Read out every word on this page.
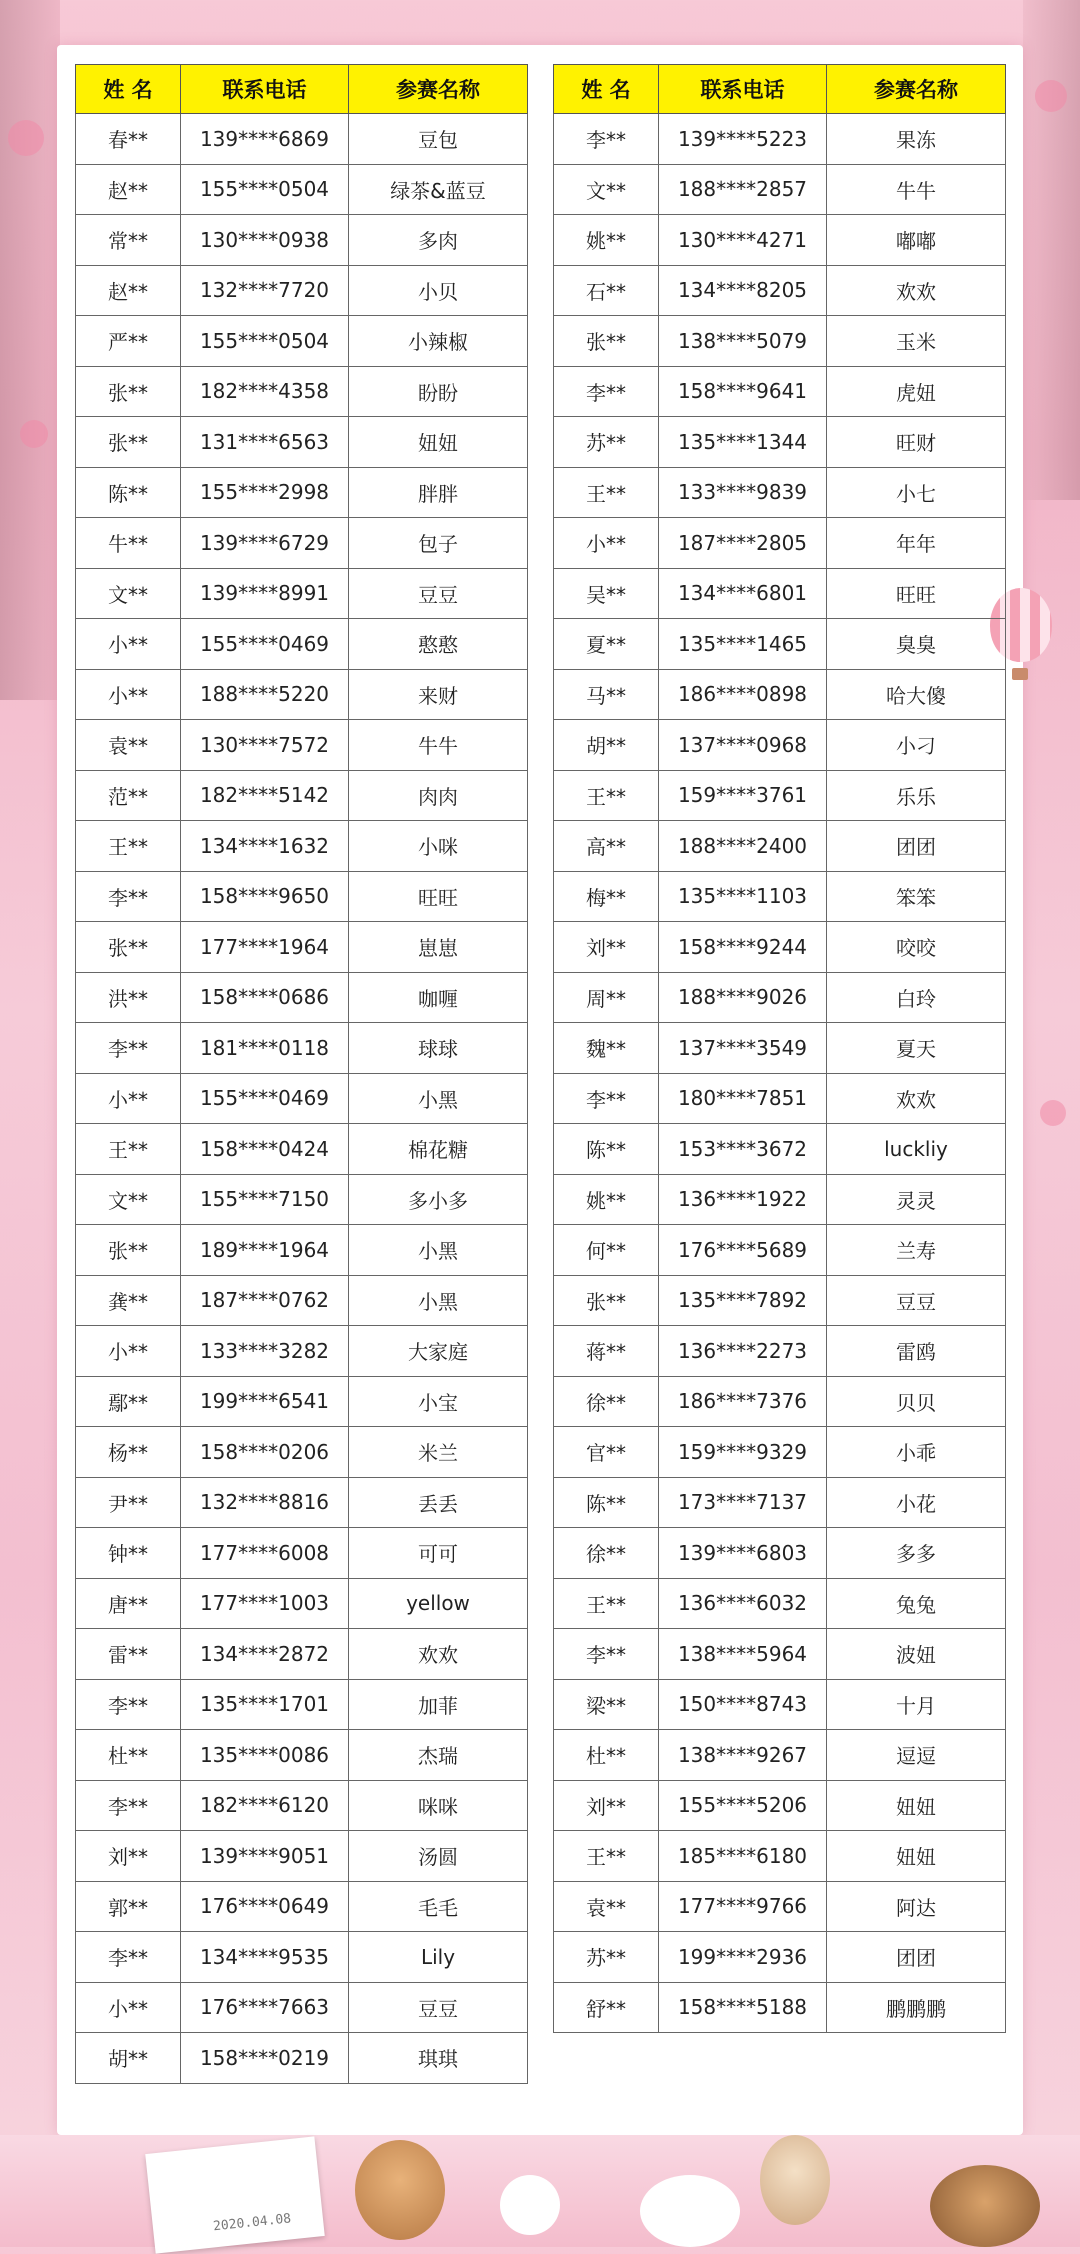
姓 名	联系电话	参赛名称
春**	139****6869	豆包
赵**	155****0504	绿茶&蓝豆
常**	130****0938	多肉
赵**	132****7720	小贝
严**	155****0504	小辣椒
张**	182****4358	盼盼
张**	131****6563	妞妞
陈**	155****2998	胖胖
牛**	139****6729	包子
文**	139****8991	豆豆
小**	155****0469	憨憨
小**	188****5220	来财
袁**	130****7572	牛牛
范**	182****5142	肉肉
王**	134****1632	小咪
李**	158****9650	旺旺
张**	177****1964	崽崽
洪**	158****0686	咖喱
李**	181****0118	球球
小**	155****0469	小黑
王**	158****0424	棉花糖
文**	155****7150	多小多
张**	189****1964	小黑
龚**	187****0762	小黑
小**	133****3282	大家庭
鄢**	199****6541	小宝
杨**	158****0206	米兰
尹**	132****8816	丢丢
钟**	177****6008	可可
唐**	177****1003	yellow
雷**	134****2872	欢欢
李**	135****1701	加菲
杜**	135****0086	杰瑞
李**	182****6120	咪咪
刘**	139****9051	汤圆
郭**	176****0649	毛毛
李**	134****9535	Lily
小**	176****7663	豆豆
胡**	158****0219	琪琪
姓 名	联系电话	参赛名称
李**	139****5223	果冻
文**	188****2857	牛牛
姚**	130****4271	嘟嘟
石**	134****8205	欢欢
张**	138****5079	玉米
李**	158****9641	虎妞
苏**	135****1344	旺财
王**	133****9839	小七
小**	187****2805	年年
吴**	134****6801	旺旺
夏**	135****1465	臭臭
马**	186****0898	哈大傻
胡**	137****0968	小刁
王**	159****3761	乐乐
高**	188****2400	团团
梅**	135****1103	笨笨
刘**	158****9244	咬咬
周**	188****9026	白玲
魏**	137****3549	夏天
李**	180****7851	欢欢
陈**	153****3672	luckliy
姚**	136****1922	灵灵
何**	176****5689	兰寿
张**	135****7892	豆豆
蒋**	136****2273	雷鸥
徐**	186****7376	贝贝
官**	159****9329	小乖
陈**	173****7137	小花
徐**	139****6803	多多
王**	136****6032	兔兔
李**	138****5964	波妞
梁**	150****8743	十月
杜**	138****9267	逗逗
刘**	155****5206	妞妞
王**	185****6180	妞妞
袁**	177****9766	阿达
苏**	199****2936	团团
舒**	158****5188	鹏鹏鹏
2020.04.08
